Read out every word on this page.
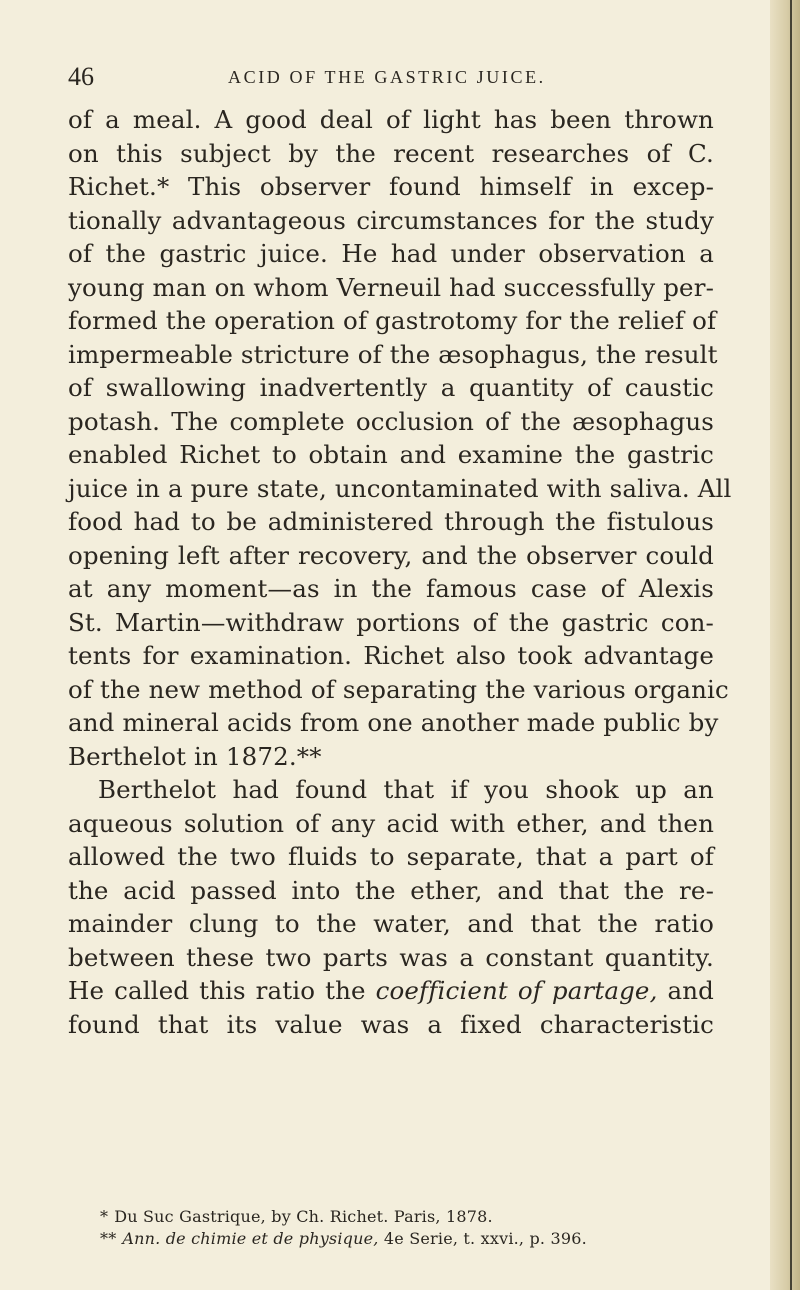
46	ACID OF THE GASTRIC JUICE.
of a meal. A good deal of light has been thrown
on this subject by the recent researches of C.
Richet.* This observer found himself in excep-
tionally advantageous circumstances for the study
of the gastric juice. He had under observation a
young man on whom Verneuil had successfully per-
formed the operation of gastrotomy for the relief of
impermeable stricture of the æsophagus, the result
of swallowing inadvertently a quantity of caustic
potash. The complete occlusion of the æsophagus
enabled Richet to obtain and examine the gastric
juice in a pure state, uncontaminated with saliva. All
food had to be administered through the fistulous
opening left after recovery, and the observer could
at any moment—as in the famous case of Alexis
St. Martin—withdraw portions of the gastric con-
tents for examination. Richet also took advantage
of the new method of separating the various organic
and mineral acids from one another made public by
Berthelot in 1872.**
Berthelot had found that if you shook up an
aqueous solution of any acid with ether, and then
allowed the two fluids to separate, that a part of
the acid passed into the ether, and that the re-
mainder clung to the water, and that the ratio
between these two parts was a constant quantity.
He called this ratio the coefficient of partage, and
found that its value was a fixed characteristic
* Du Suc Gastrique, by Ch. Richet. Paris, 1878.
** Ann. de chimie et de physique, 4e Serie, t. xxvi., p. 396.
